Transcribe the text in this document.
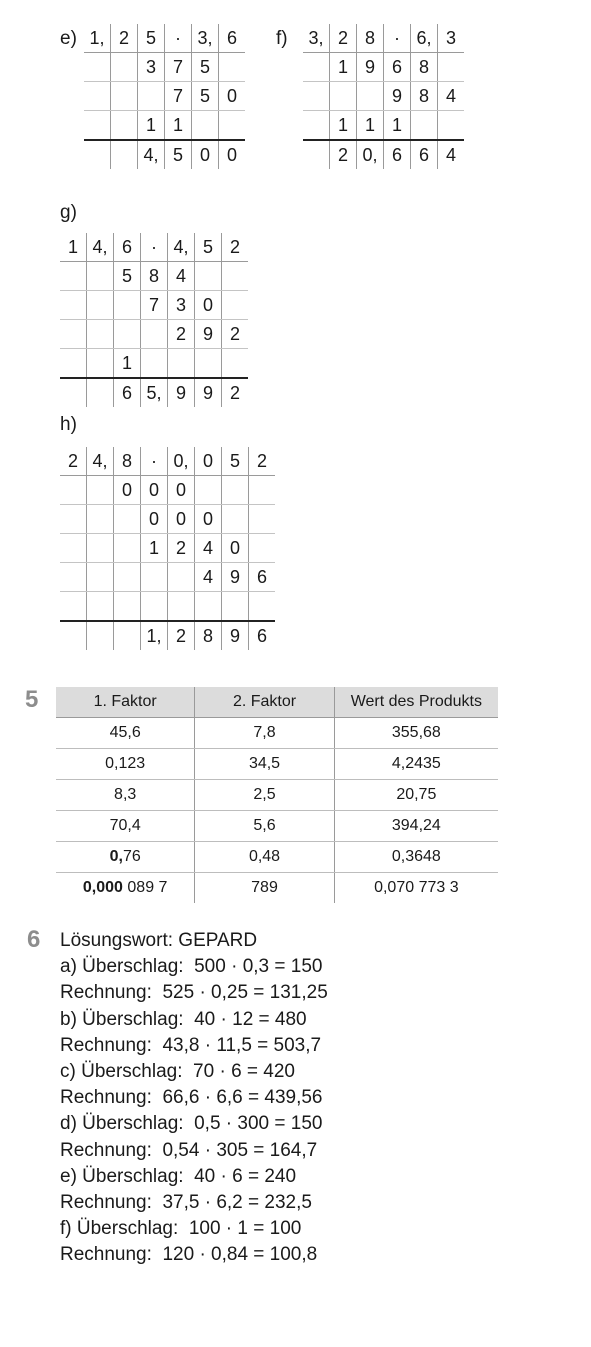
e) 1,	2	5	·	3,	6
		3	7	5	
			7	5	0
		1	1		
		4,	5	0	0
f) 3,	2	8	·	6,	3
	1	9	6	8	
			9	8	4
	1	1	1		
	2	0,	6	6	4
g)
1	4,	6	·	4,	5	2
		5	8	4		
			7	3	0	
				2	9	2
		1				
		6	5,	9	9	2
h)
2	4,	8	·	0,	0	5	2
		0	0	0			
			0	0	0		
			1	2	4	0	
					4	9	6

			1,	2	8	9	6
5	1. Faktor	2. Faktor	Wert des Produkts
45,6	7,8	355,68
0,123	34,5	4,2435
8,3	2,5	20,75
70,4	5,6	394,24
0,76	0,48	0,3648
0,000 089 7	789	0,070 773 3
6 Lösungswort: GEPARD
a) Überschlag:  500 · 0,3 = 150
Rechnung:  525 · 0,25 = 131,25
b) Überschlag:  40 · 12 = 480
Rechnung:  43,8 · 11,5 = 503,7
c) Überschlag:  70 · 6 = 420
Rechnung:  66,6 · 6,6 = 439,56
d) Überschlag:  0,5 · 300 = 150
Rechnung:  0,54 · 305 = 164,7
e) Überschlag:  40 · 6 = 240
Rechnung:  37,5 · 6,2 = 232,5
f) Überschlag:  100 · 1 = 100
Rechnung:  120 · 0,84 = 100,8
